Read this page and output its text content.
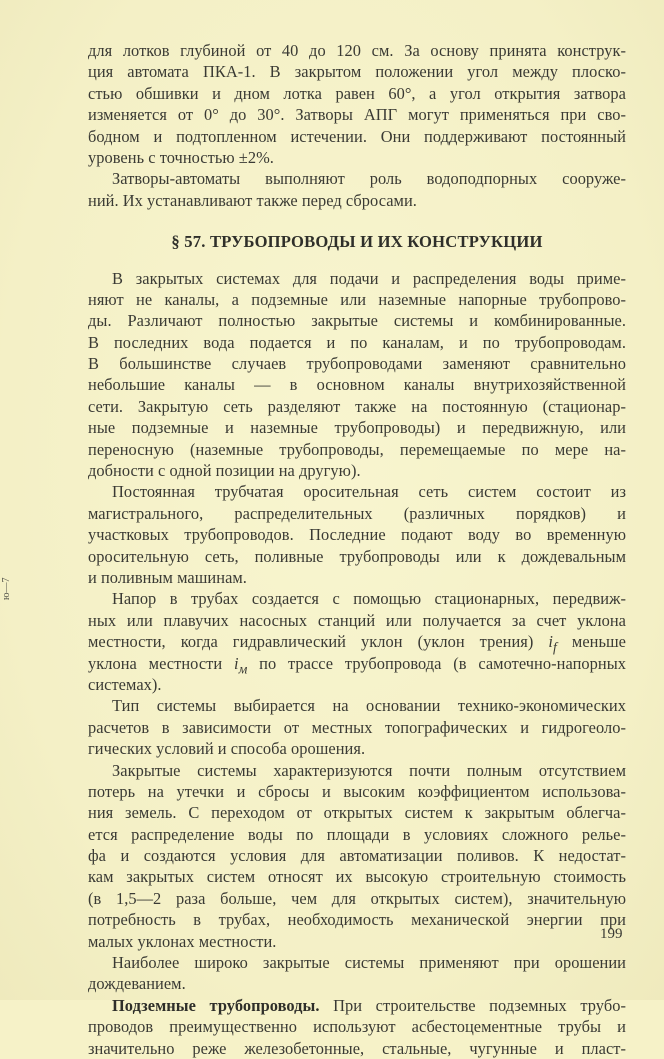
ю—7
для лотков глубиной от 40 до 120 см. За основу принята конструк-
ция автомата ПКА-1. В закрытом положении угол между плоско-
стью обшивки и дном лотка равен 60°, а угол открытия затвора
изменяется от 0° до 30°. Затворы АПГ могут применяться при сво-
бодном и подтопленном истечении. Они поддерживают постоянный
уровень с точностью ±2%.
Затворы-автоматы выполняют роль водоподпорных сооруже-
ний. Их устанавливают также перед сбросами.
§ 57. ТРУБОПРОВОДЫ И ИХ КОНСТРУКЦИИ
В закрытых системах для подачи и распределения воды приме-
няют не каналы, а подземные или наземные напорные трубопрово-
ды. Различают полностью закрытые системы и комбинированные.
В последних вода подается и по каналам, и по трубопроводам.
В большинстве случаев трубопроводами заменяют сравнительно
небольшие каналы — в основном каналы внутрихозяйственной
сети. Закрытую сеть разделяют также на постоянную (стационар-
ные подземные и наземные трубопроводы) и передвижную, или
переносную (наземные трубопроводы, перемещаемые по мере на-
добности с одной позиции на другую).
Постоянная трубчатая оросительная сеть систем состоит из
магистрального, распределительных (различных порядков) и
участковых трубопроводов. Последние подают воду во временную
оросительную сеть, поливные трубопроводы или к дождевальным
и поливным машинам.
Напор в трубах создается с помощью стационарных, передвиж-
ных или плавучих насосных станций или получается за счет уклона
местности, когда гидравлический уклон (уклон трения) $i_f$ меньше
уклона местности $i_м$ по трассе трубопровода (в самотечно-напорных
системах).
Тип системы выбирается на основании технико-экономических
расчетов в зависимости от местных топографических и гидрогеоло-
гических условий и способа орошения.
Закрытые системы характеризуются почти полным отсутствием
потерь на утечки и сбросы и высоким коэффициентом использова-
ния земель. С переходом от открытых систем к закрытым облегча-
ется распределение воды по площади в условиях сложного релье-
фа и создаются условия для автоматизации поливов. К недостат-
кам закрытых систем относят их высокую строительную стоимость
(в 1,5—2 раза больше, чем для открытых систем), значительную
потребность в трубах, необходимость механической энергии при
малых уклонах местности.
Наиболее широко закрытые системы применяют при орошении
дождеванием.
Подземные трубопроводы. При строительстве подземных трубо-
проводов преимущественно используют асбестоцементные трубы и
значительно реже железобетонные, стальные, чугунные и пласт-
199
